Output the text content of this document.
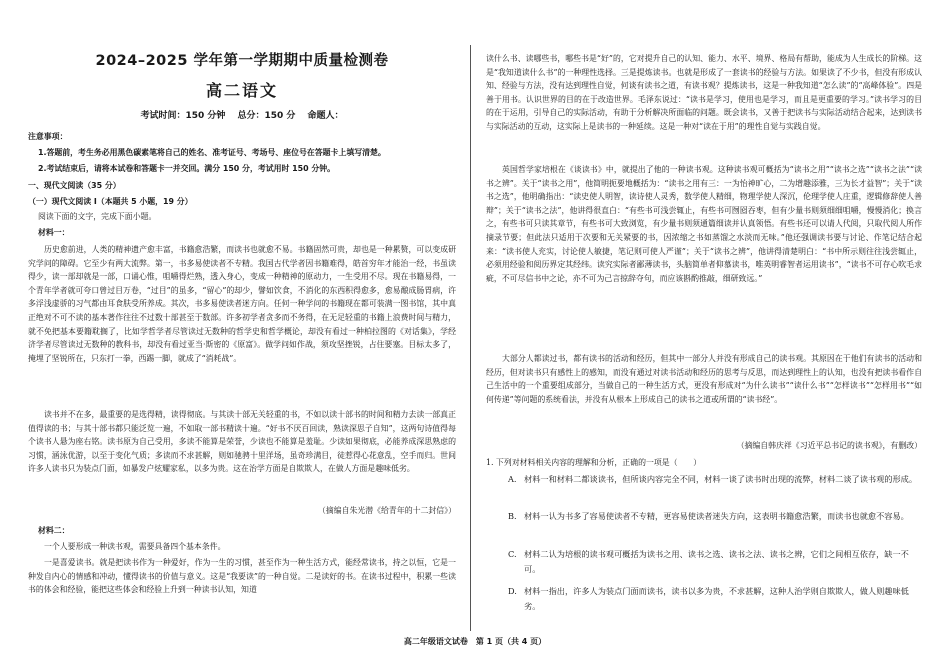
2024–2025 学年第一学期期中质量检测卷
高二语文
考试时间：150 分钟　 总分：150 分　 命题人：
注意事项：
1.答题前，考生务必用黑色碳素笔将自己的姓名、准考证号、考场号、座位号在答题卡上填写清楚。
2.考试结束后，请将本试卷和答题卡一并交回。满分 150 分，考试用时 150 分钟。
一、现代文阅读（35 分）
（一）现代文阅读 I（本题共 5 小题，19 分）
阅读下面的文字，完成下面小题。
材料一：
历史愈前进，人类的精神遗产愈丰富，书籍愈浩繁，而读书也就愈不易。书籍固然可贵，却也是一种累赘，可以变成研究学问的障碍。它至少有两大流弊。第一，书多易使读者不专精。我国古代学者因书籍难得，皓首穷年才能治一经，书虽读得少，读一部却就是一部，口诵心惟，咀嚼得烂熟，透入身心，变成一种精神的原动力，一生受用不尽。现在书籍易得，一个青年学者就可夸口曾过目万卷，“过目”的虽多，“留心”的却少，譬如饮食，不消化的东西积得愈多，愈易酿成肠胃病，许多浮浅虚骄的习气都由耳食肤受所养成。其次，书多易使读者迷方向。任何一种学问的书籍现在都可装满一图书馆，其中真正绝对不可不读的基本著作往往不过数十部甚至于数部。许多初学者贪多而不务得，在无足轻重的书籍上浪费时间与精力，就不免把基本要籍耽搁了，比如学哲学者尽管读过无数种的哲学史和哲学概论，却没有看过一种柏拉图的《对话集》，学经济学者尽管读过无数种的教科书，却没有看过亚当·斯密的《原富》。做学问如作战，须攻坚挫锐，占住要塞。目标太多了，掩埋了坚锐所在，只东打一拳，西踢一脚，就成了“消耗战”。
读书并不在多，最重要的是选得精，读得彻底。与其读十部无关轻重的书，不如以读十部书的时间和精力去读一部真正值得读的书；与其十部书都只能泛览一遍，不如取一部书精读十遍。“好书不厌百回读，熟读深思子自知”，这两句诗值得每个读书人悬为座右铭。读书原为自己受用，多读不能算是荣誉，少读也不能算是羞耻。少读如果彻底，必能养成深思熟虑的习惯，涵泳优游，以至于变化气质；多读而不求甚解，则如驰骋十里洋场，虽奇珍满目，徒惹得心花意乱，空手而归。世间许多人读书只为装点门面，如暴发户炫耀家私，以多为贵。这在治学方面是自欺欺人，在做人方面是趣味低劣。
（摘编自朱光潜《给青年的十二封信》）
材料二：
一个人要形成一种读书观，需要具备四个基本条件。
一是喜爱读书。就是把读书作为一种爱好，作为一生的习惯，甚至作为一种生活方式，能经常读书，持之以恒，它是一种发自内心的情感和冲动，懂得读书的价值与意义。这是“我要读”的一种自觉。二是读好的书。在读书过程中，积累一些读书的体会和经验，能把这些体会和经验上升到一种读书认知，知道
读什么书、读哪些书，哪些书是“好”的，它对提升自己的认知、能力、水平、境界、格局有帮助，能成为人生成长的阶梯。这是“我知道读什么书”的一种理性选择。三是提炼读书。也就是形成了一套读书的经验与方法。如果读了不少书，但没有形成认知、经验与方法，没有达到理性自觉，何谈有读书之道，有读书观？提炼读书，这是一种我知道“怎么读”的“高峰体验”。四是善于用书。认识世界的目的在于改造世界。毛泽东说过：“读书是学习，使用也是学习，而且是更重要的学习。”读书学习的目的在于运用，引导自己的实际活动，有助于分析解决所面临的问题。既会读书，又善于把读书与实际活动结合起来，达到读书与实际活动的互动，这实际上是读书的一种延续。这是一种对“读在于用”的理性自觉与实践自觉。
英国哲学家培根在《谈读书》中，就提出了他的一种读书观。这种读书观可概括为“读书之用”“读书之选”“读书之法”“读书之辨”。关于“读书之用”，他简明扼要地概括为：“读书之用有三：一为怡神旷心，二为增趣添雅，三为长才益智”；关于“读书之选”，他明确指出：“读史使人明智，读诗使人灵秀，数学使人精细，物理学使人深沉，伦理学使人庄重，逻辑修辞使人善辩”；关于“读书之法”，他讲得很直白：“有些书可浅尝辄止，有些书可囫囵吞枣，但有少量书则须细细咀嚼，慢慢消化；换言之，有些书可只读其章节，有些书可大致浏览，有少量书则须通篇细读并认真领悟。有些书还可以请人代阅，只取代阅人所作摘录节要；但此法只适用于次要和无关紧要的书，因浓缩之书如蒸馏之水淡而无味。”他还强调读书要与讨论、作笔记结合起来：“读书使人充实，讨论使人敏捷，笔记则可使人严谨”；关于“读书之辨”，他讲得清楚明白：“书中所示则往往浅尝辄止，必须用经验和阅历界定其经纬。读究实际者鄙薄读书，头脑简单者仰慕读书，唯英明睿智者运用读书”，“读书不可存心吹毛求疵，不可尽信书中之论，亦不可为己言掠辞夺句，而应该斟酌推敲，细研致远。”
大部分人都读过书，都有读书的活动和经历，但其中一部分人并没有形成自己的读书观。其原因在于他们有读书的活动和经历，但对读书只有感性上的感知，而没有通过对读书活动和经历的思考与反思，而达到理性上的认知，也没有把读书看作自己生活中的一个重要组成部分，当做自己的一种生活方式，更没有形成对“为什么读书”“读什么书”“怎样读书”“怎样用书”“如何传递”等问题的系统看法，并没有从根本上形成自己的读书之道或所谓的“读书经”。
（摘编自韩庆祥《习近平总书记的读书观》，有删改）
1. 下列对材料相关内容的理解和分析，正确的一项是（　　）
A. 材料一和材料二都谈读书，但所谈内容完全不同，材料一谈了读书时出现的流弊，材料二谈了读书观的形成。
B. 材料一认为书多了容易使读者不专精，更容易使读者迷失方向，这表明书籍愈浩繁，而读书也就愈不容易。
C. 材料二认为培根的读书观可概括为读书之用、读书之选、读书之法、读书之辨，它们之间相互依存，缺一不可。
D. 材料一指出，许多人为装点门面而读书，读书以多为贵，不求甚解，这种人治学则自欺欺人，做人则趣味低劣。
高二年级语文试卷　第 1 页（共 4 页）
